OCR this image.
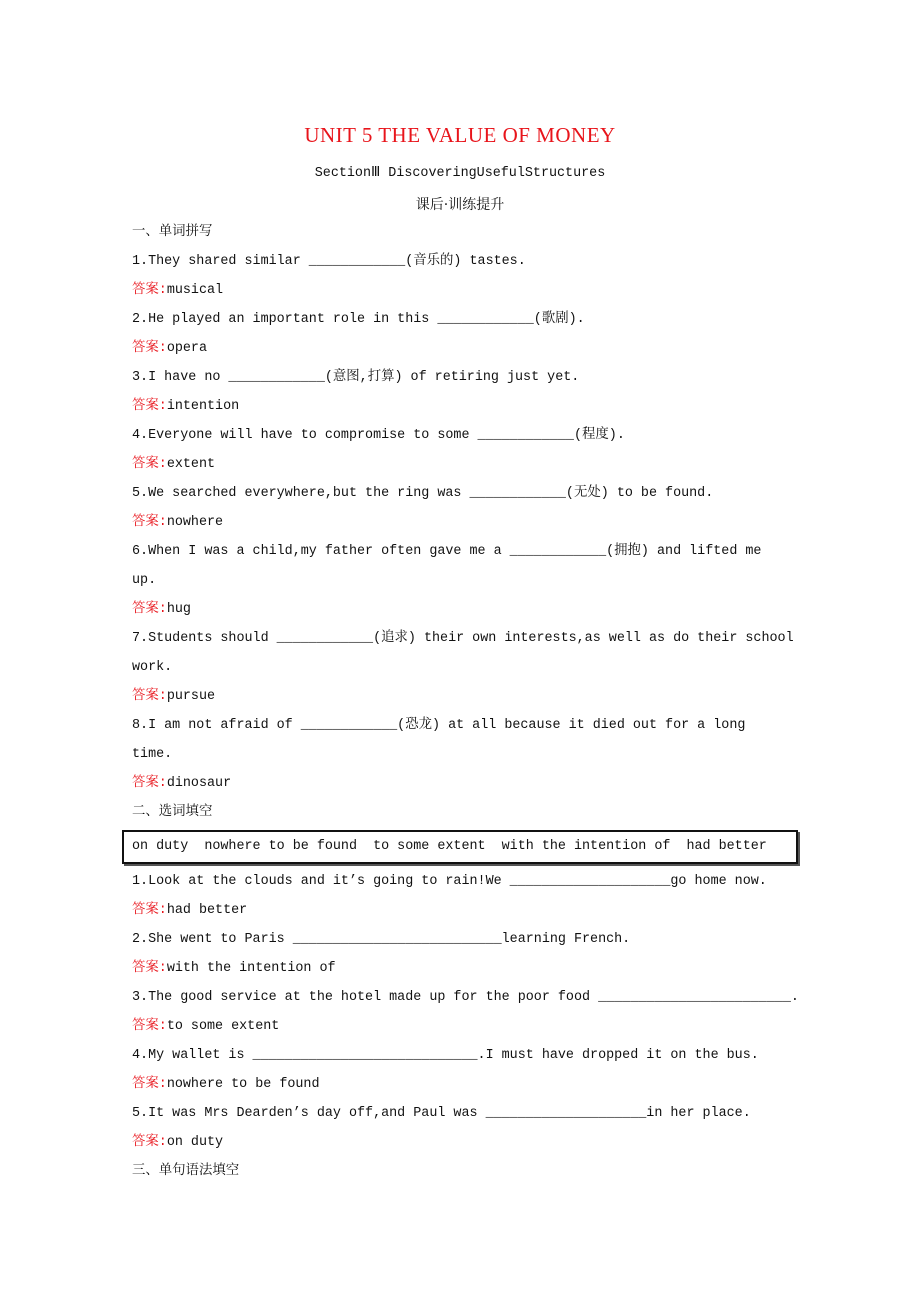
UNIT 5 THE VALUE OF MONEY
SectionⅢ DiscoveringUsefulStructures
课后·训练提升
一、单词拼写
1.They shared similar ____________(音乐的) tastes.
答案:musical
2.He played an important role in this ____________(歌剧).
答案:opera
3.I have no ____________(意图,打算) of retiring just yet.
答案:intention
4.Everyone will have to compromise to some ____________(程度).
答案:extent
5.We searched everywhere,but the ring was ____________(无处) to be found.
答案:nowhere
6.When I was a child,my father often gave me a ____________(拥抱) and lifted me
up.
答案:hug
7.Students should ____________(追求) their own interests,as well as do their school
work.
答案:pursue
8.I am not afraid of ____________(恐龙) at all because it died out for a long
time.
答案:dinosaur
二、选词填空
on duty  nowhere to be found  to some extent  with the intention of  had better
1.Look at the clouds and it’s going to rain!We ____________________go home now.
答案:had better
2.She went to Paris __________________________learning French.
答案:with the intention of
3.The good service at the hotel made up for the poor food ________________________.
答案:to some extent
4.My wallet is ____________________________.I must have dropped it on the bus.
答案:nowhere to be found
5.It was Mrs Dearden’s day off,and Paul was ____________________in her place.
答案:on duty
三、单句语法填空
